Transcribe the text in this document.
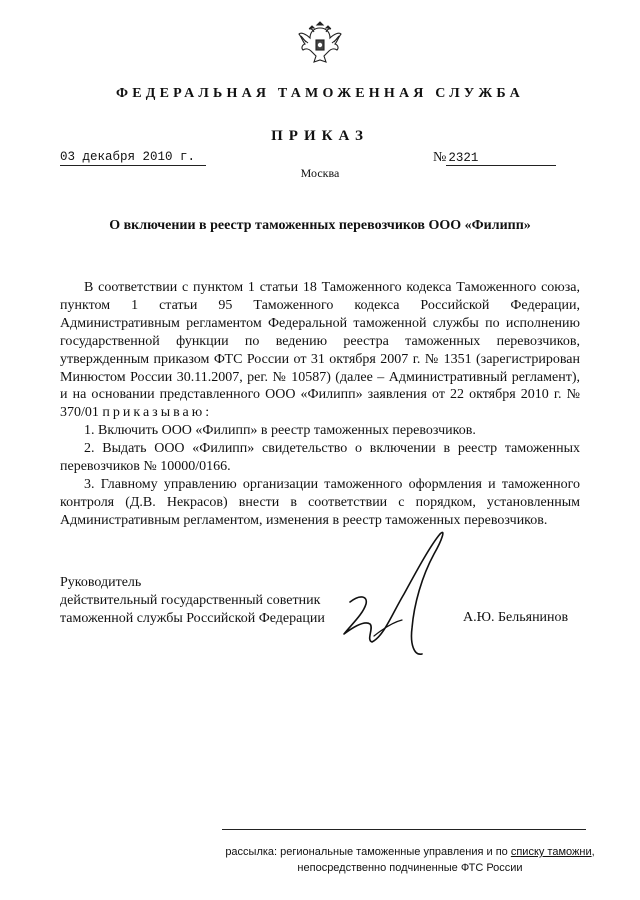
ФЕДЕРАЛЬНАЯ ТАМОЖЕННАЯ СЛУЖБА
ПРИКАЗ
03 декабря 2010 г.	№ 2321
Москва
О включении в реестр таможенных перевозчиков ООО «Филипп»

В соответствии с пунктом 1 статьи 18 Таможенного кодекса Таможенного союза, пунктом 1 статьи 95 Таможенного кодекса Российской Федерации, Административным регламентом Федеральной таможенной службы по исполнению государственной функции по ведению реестра таможенных перевозчиков, утвержденным приказом ФТС России от 31 октября 2007 г. № 1351 (зарегистрирован Минюстом России 30.11.2007, рег. № 10587) (далее – Административный регламент), и на основании представленного ООО «Филипп» заявления от 22 октября 2010 г. № 370/01 приказываю:

1. Включить ООО «Филипп» в реестр таможенных перевозчиков.

2. Выдать ООО «Филипп» свидетельство о включении в реестр таможенных перевозчиков № 10000/0166.

3. Главному управлению организации таможенного оформления и таможенного контроля (Д.В. Некрасов) внести в соответствии с порядком, установленным Административным регламентом, изменения в реестр таможенных перевозчиков.

Руководитель
действительный государственный советник
таможенной службы Российской Федерации	А.Ю. Бельянинов
рассылка: региональные таможенные управления и по списку таможни,
непосредственно подчиненные ФТС России
